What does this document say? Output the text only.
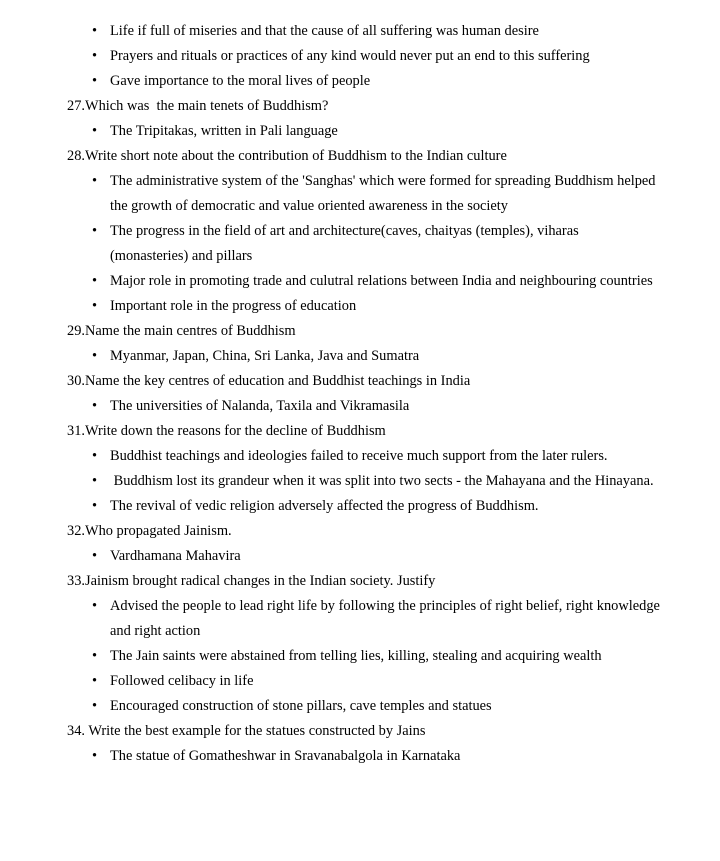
• Life if full of miseries and that the cause of all suffering was human desire

• Prayers and rituals or practices of any kind would never put an end to this suffering

• Gave importance to the moral lives of people

27.Which was  the main tenets of Buddhism?

• The Tripitakas, written in Pali language

28.Write short note about the contribution of Buddhism to the Indian culture

• The administrative system of the 'Sanghas' which were formed for spreading Buddhism helped the growth of democratic and value oriented awareness in the society

• The progress in the field of art and architecture(caves, chaityas (temples), viharas (monasteries) and pillars

• Major role in promoting trade and culutral relations between India and neighbouring countries

• Important role in the progress of education

29.Name the main centres of Buddhism

• Myanmar, Japan, China, Sri Lanka, Java and Sumatra

30.Name the key centres of education and Buddhist teachings in India

• The universities of Nalanda, Taxila and Vikramasila

31.Write down the reasons for the decline of Buddhism

• Buddhist teachings and ideologies failed to receive much support from the later rulers.

• Buddhism lost its grandeur when it was split into two sects - the Mahayana and the Hinayana.

• The revival of vedic religion adversely affected the progress of Buddhism.

32.Who propagated Jainism.

• Vardhamana Mahavira

33.Jainism brought radical changes in the Indian society. Justify

• Advised the people to lead right life by following the principles of right belief, right knowledge and right action

• The Jain saints were abstained from telling lies, killing, stealing and acquiring wealth

• Followed celibacy in life

• Encouraged construction of stone pillars, cave temples and statues

34. Write the best example for the statues constructed by Jains

• The statue of Gomatheshwar in Sravanabalgola in Karnataka
